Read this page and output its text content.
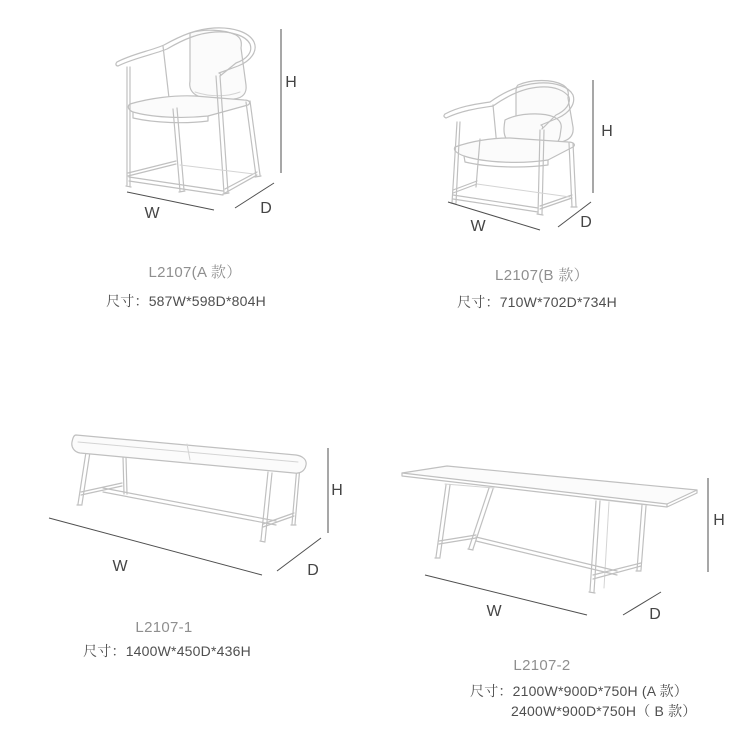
H
W	D
L2107(A 款）
尺寸：587W*598D*804H
H
W	D
L2107(B 款）
尺寸：710W*702D*734H
H
W	D
L2107-1
尺寸：1400W*450D*436H
H
W	D
L2107-2
尺寸：2100W*900D*750H (A 款）
2400W*900D*750H（ B 款）
